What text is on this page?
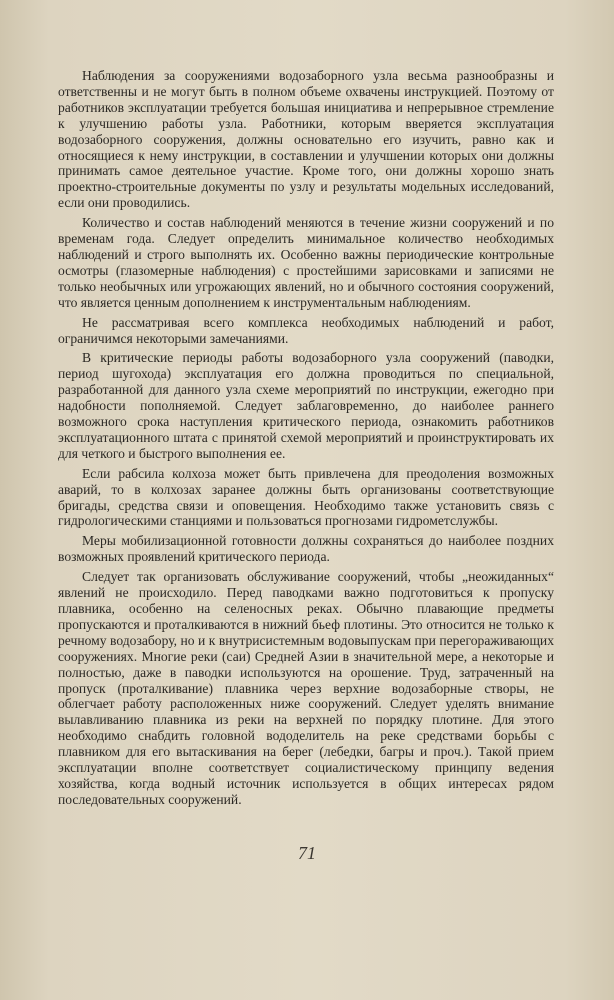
Наблюдения за сооружениями водозаборного узла весьма разнообразны и ответственны и не могут быть в полном объеме охвачены инструкцией. Поэтому от работников эксплуатации требуется большая инициатива и непрерывное стремление к улучшению работы узла. Работники, которым вверяется эксплуатация водозаборного сооружения, должны основательно его изучить, равно как и относящиеся к нему инструкции, в составлении и улучшении которых они должны принимать самое деятельное участие. Кроме того, они должны хорошо знать проектно-строительные документы по узлу и результаты модельных исследований, если они проводились.

Количество и состав наблюдений меняются в течение жизни сооружений и по временам года. Следует определить минимальное количество необходимых наблюдений и строго выполнять их. Особенно важны периодические контрольные осмотры (глазомерные наблюдения) с простейшими зарисовками и записями не только необычных или угрожающих явлений, но и обычного состояния сооружений, что является ценным дополнением к инструментальным наблюдениям.

Не рассматривая всего комплекса необходимых наблюдений и работ, ограничимся некоторыми замечаниями.

В критические периоды работы водозаборного узла сооружений (паводки, период шугохода) эксплуатация его должна проводиться по специальной, разработанной для данного узла схеме мероприятий по инструкции, ежегодно при надобности пополняемой. Следует заблаговременно, до наиболее раннего возможного срока наступления критического периода, ознакомить работников эксплуатационного штата с принятой схемой мероприятий и проинструктировать их для четкого и быстрого выполнения ее.

Если рабсила колхоза может быть привлечена для преодоления возможных аварий, то в колхозах заранее должны быть организованы соответствующие бригады, средства связи и оповещения. Необходимо также установить связь с гидрологическими станциями и пользоваться прогнозами гидрометслужбы.

Меры мобилизационной готовности должны сохраняться до наиболее поздних возможных проявлений критического периода.

Следует так организовать обслуживание сооружений, чтобы „неожиданных“ явлений не происходило. Перед паводками важно подготовиться к пропуску плавника, особенно на селеносных реках. Обычно плавающие предметы пропускаются и проталкиваются в нижний бьеф плотины. Это относится не только к речному водозабору, но и к внутрисистемным водовыпускам при перегораживающих сооружениях. Многие реки (саи) Средней Азии в значительной мере, а некоторые и полностью, даже в паводки используются на орошение. Труд, затраченный на пропуск (проталкивание) плавника через верхние водозаборные створы, не облегчает работу расположенных ниже сооружений. Следует уделять внимание вылавливанию плавника из реки на верхней по порядку плотине. Для этого необходимо снабдить головной вододелитель на реке средствами борьбы с плавником для его вытаскивания на берег (лебедки, багры и проч.). Такой прием эксплуатации вполне соответствует социалистическому принципу ведения хозяйства, когда водный источник используется в общих интересах рядом последовательных сооружений.

71
